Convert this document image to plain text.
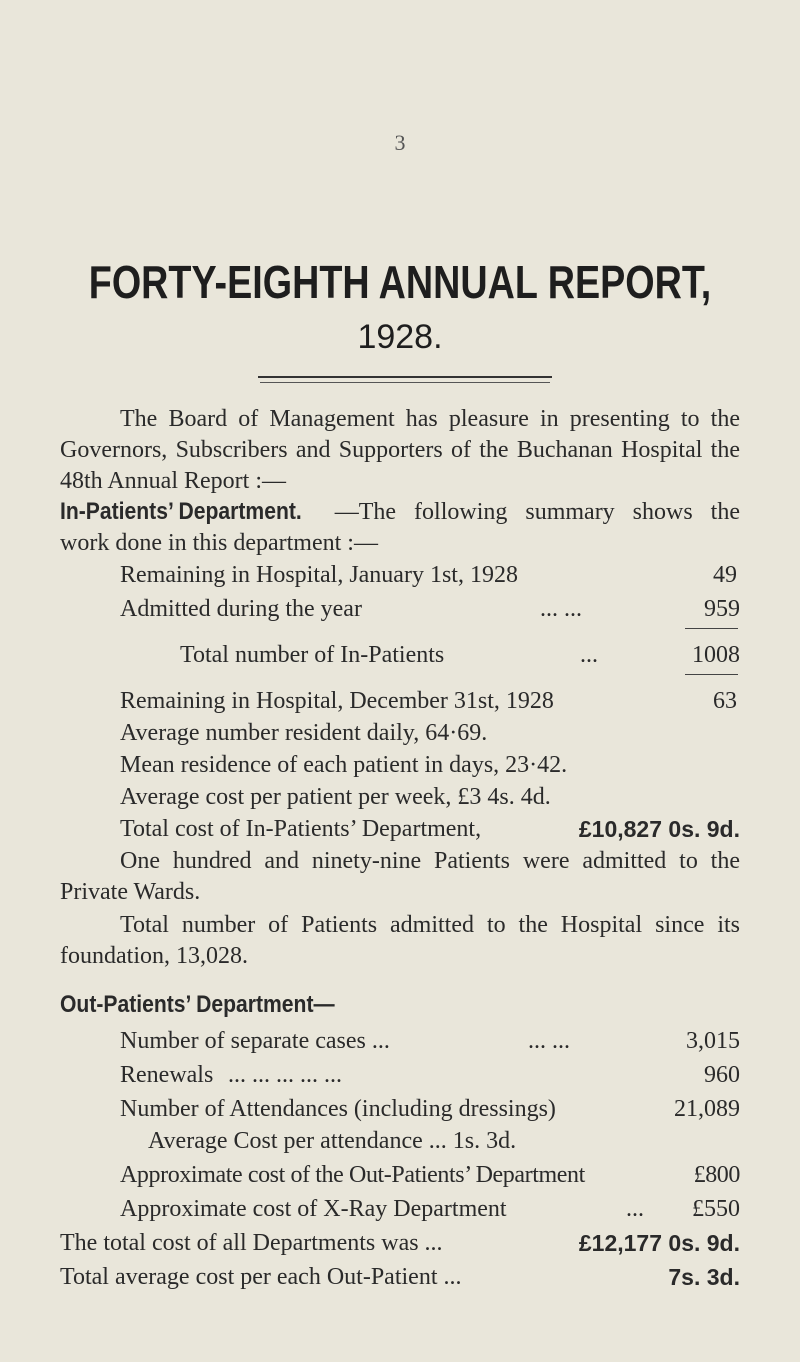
3
FORTY-EIGHTH ANNUAL REPORT,
1928.
The Board of Management has pleasure in presenting to the Governors, Subscribers and Supporters of the Buchanan Hospital the 48th Annual Report :—
In-Patients’ Department. —The following summary shows the work done in this department :—
Remaining in Hospital, January 1st, 1928	49
Admitted during the year	... ...	959
Total number of In-Patients	...	1008
Remaining in Hospital, December 31st, 1928	63
Average number resident daily, 64·69.
Mean residence of each patient in days, 23·42.
Average cost per patient per week, £3 4s. 4d.
Total cost of In-Patients’ Department,	£10,827 0s. 9d.
One hundred and ninety-nine Patients were admitted to the Private Wards.
Total number of Patients admitted to the Hospital since its foundation, 13,028.
Out-Patients’ Department—
Number of separate cases ...	... ...	3,015
Renewals ... ... ... ... ...	960
Number of Attendances (including dressings)	21,089
Average Cost per attendance ... 1s. 3d.
Approximate cost of the Out-Patients’ Department	£800
Approximate cost of X-Ray Department	... £550
The total cost of all Departments was ...	£12,177 0s. 9d.
Total average cost per each Out-Patient ...	7s. 3d.
